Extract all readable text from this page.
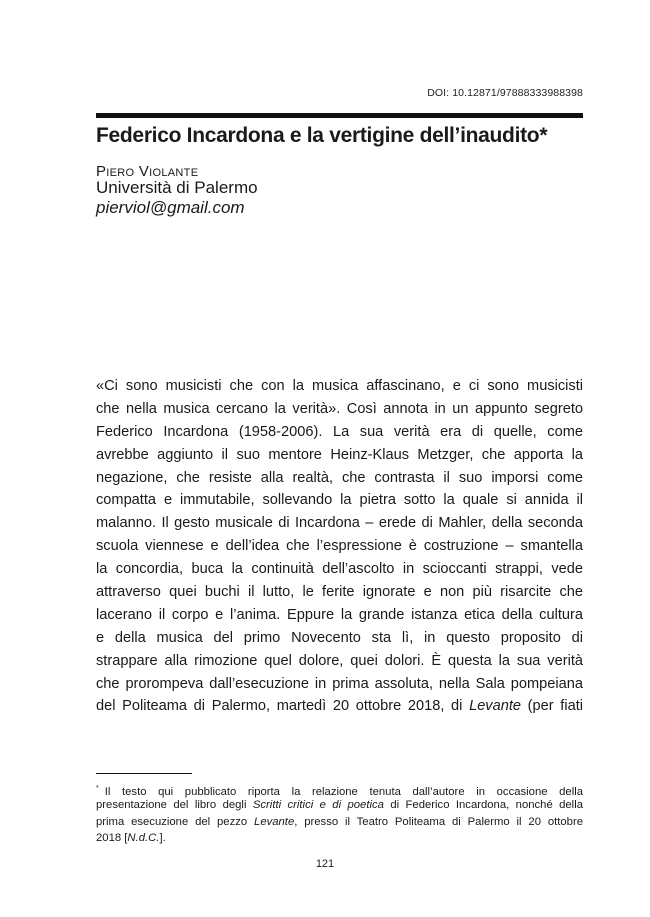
DOI: 10.12871/97888333988398
Federico Incardona e la vertigine dell’inaudito*
Piero Violante
Università di Palermo
pierviol@gmail.com
«Ci sono musicisti che con la musica affascinano, e ci sono musicisti
che nella musica cercano la verità». Così annota in un appunto segreto
Federico Incardona (1958-2006). La sua verità era di quelle, come
avrebbe aggiunto il suo mentore Heinz-Klaus Metzger, che apporta la
negazione, che resiste alla realtà, che contrasta il suo imporsi come
compatta e immutabile, sollevando la pietra sotto la quale si annida il
malanno. Il gesto musicale di Incardona – erede di Mahler, della seconda
scuola viennese e dell’idea che l’espressione è costruzione – smantella
la concordia, buca la continuità dell’ascolto in scioccanti strappi, vede
attraverso quei buchi il lutto, le ferite ignorate e non più risarcite che
lacerano il corpo e l’anima. Eppure la grande istanza etica della cultura
e della musica del primo Novecento sta lì, in questo proposito di
strappare alla rimozione quel dolore, quei dolori. È questa la sua verità
che prorompeva dall’esecuzione in prima assoluta, nella Sala pompeiana
del Politeama di Palermo, martedì 20 ottobre 2018, di Levante (per fiati
* Il testo qui pubblicato riporta la relazione tenuta dall’autore in occasione della
presentazione del libro degli Scritti critici e di poetica di Federico Incardona, nonché della
prima esecuzione del pezzo Levante, presso il Teatro Politeama di Palermo il 20 ottobre
2018 [N.d.C.].
121
